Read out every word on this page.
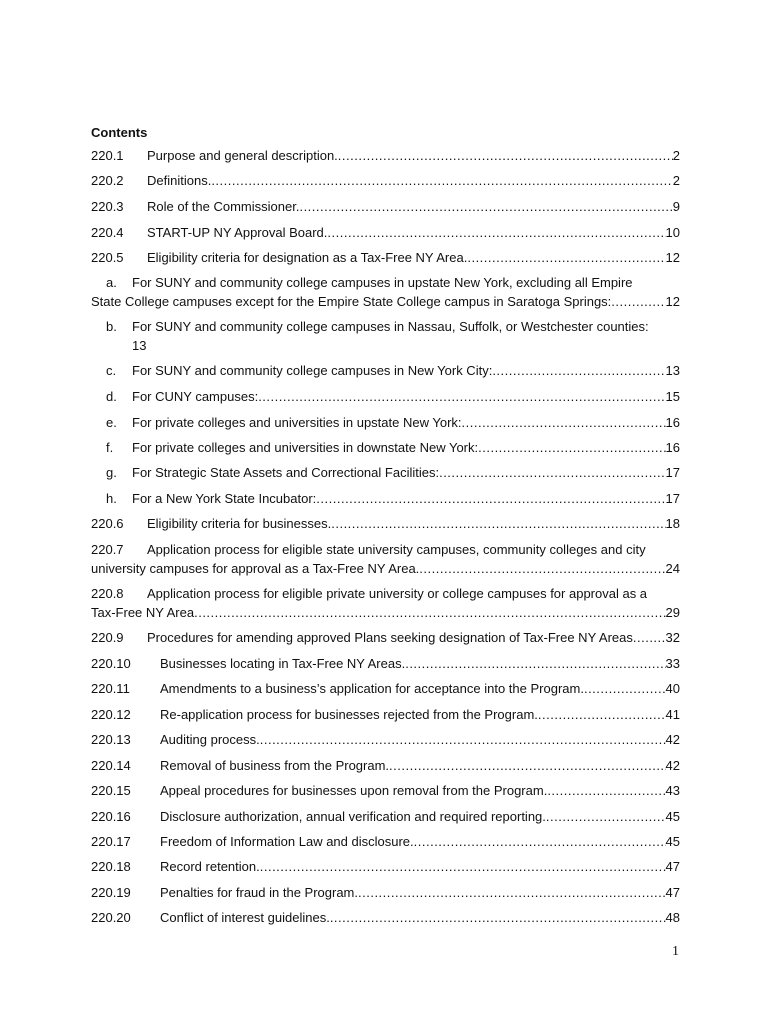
Contents
220.1	Purpose and general description. .....	2
220.2	Definitions. .....	2
220.3	Role of the Commissioner. .....	9
220.4	START-UP NY Approval Board. .....	10
220.5	Eligibility criteria for designation as a Tax-Free NY Area. .....	12
a. For SUNY and community college campuses in upstate New York, excluding all Empire
State College campuses except for the Empire State College campus in Saratoga Springs: .....	12
b. For SUNY and community college campuses in Nassau, Suffolk, or Westchester counties:
13
c.	For SUNY and community college campuses in New York City: .....	13
d.	For CUNY campuses: .....	15
e.	For private colleges and universities in upstate New York: .....	16
f.	For private colleges and universities in downstate New York: .....	16
g.	For Strategic State Assets and Correctional Facilities: .....	17
h.	For a New York State Incubator: .....	17
220.6	Eligibility criteria for businesses. .....	18
220.7 Application process for eligible state university campuses, community colleges and city
university campuses for approval as a Tax-Free NY Area. .....	24
220.8 Application process for eligible private university or college campuses for approval as a
Tax-Free NY Area .....	29
220.9	Procedures for amending approved Plans seeking designation of Tax-Free NY Areas .....	32
220.10	Businesses locating in Tax-Free NY Areas. .....	33
220.11	Amendments to a business’s application for acceptance into the Program. .....	40
220.12	Re-application process for businesses rejected from the Program. .....	41
220.13	Auditing process. .....	42
220.14	Removal of business from the Program. .....	42
220.15	Appeal procedures for businesses upon removal from the Program. .....	43
220.16	Disclosure authorization, annual verification and required reporting. .....	45
220.17	Freedom of Information Law and disclosure. .....	45
220.18	Record retention. .....	47
220.19	Penalties for fraud in the Program. .....	47
220.20	Conflict of interest guidelines. .....	48
1
